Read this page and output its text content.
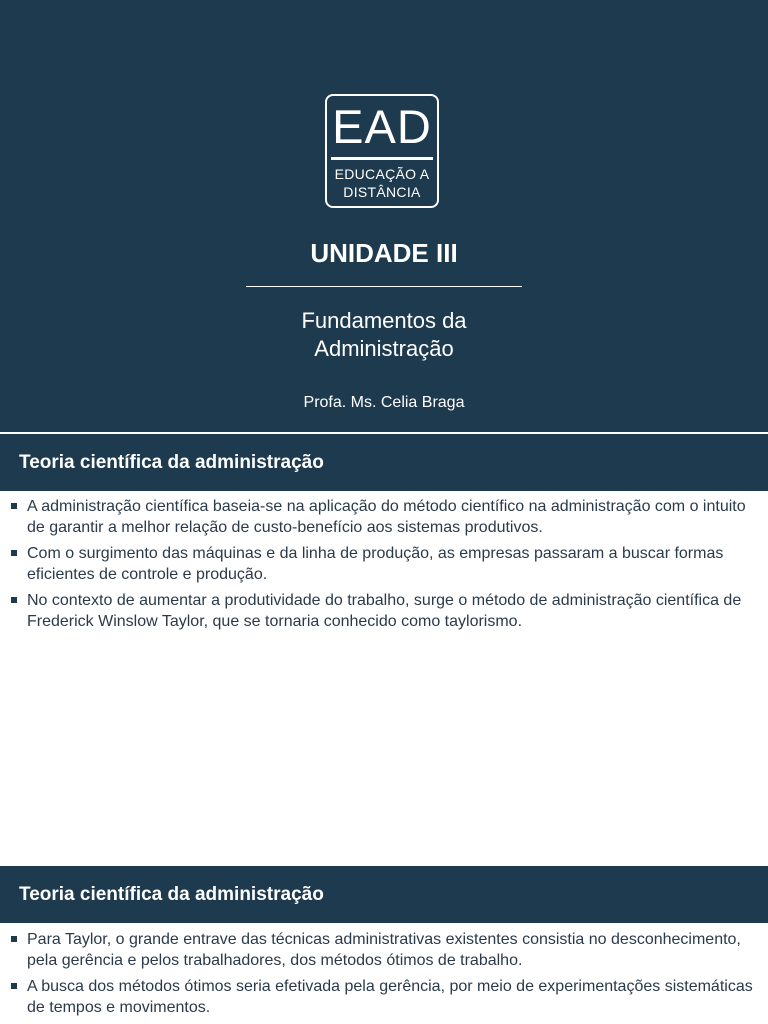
EAD
EDUCAÇÃO A
DISTÂNCIA
UNIDADE III
Fundamentos da
Administração
Profa. Ms. Celia Braga
Teoria científica da administração
A administração científica baseia-se na aplicação do método científico na administração com o intuito de garantir a melhor relação de custo-benefício aos sistemas produtivos.
Com o surgimento das máquinas e da linha de produção, as empresas passaram a buscar formas eficientes de controle e produção.
No contexto de aumentar a produtividade do trabalho, surge o método de administração científica de Frederick Winslow Taylor, que se tornaria conhecido como taylorismo.
Teoria científica da administração
Para Taylor, o grande entrave das técnicas administrativas existentes consistia no desconhecimento, pela gerência e pelos trabalhadores, dos métodos ótimos de trabalho.
A busca dos métodos ótimos seria efetivada pela gerência, por meio de experimentações sistemáticas de tempos e movimentos.
